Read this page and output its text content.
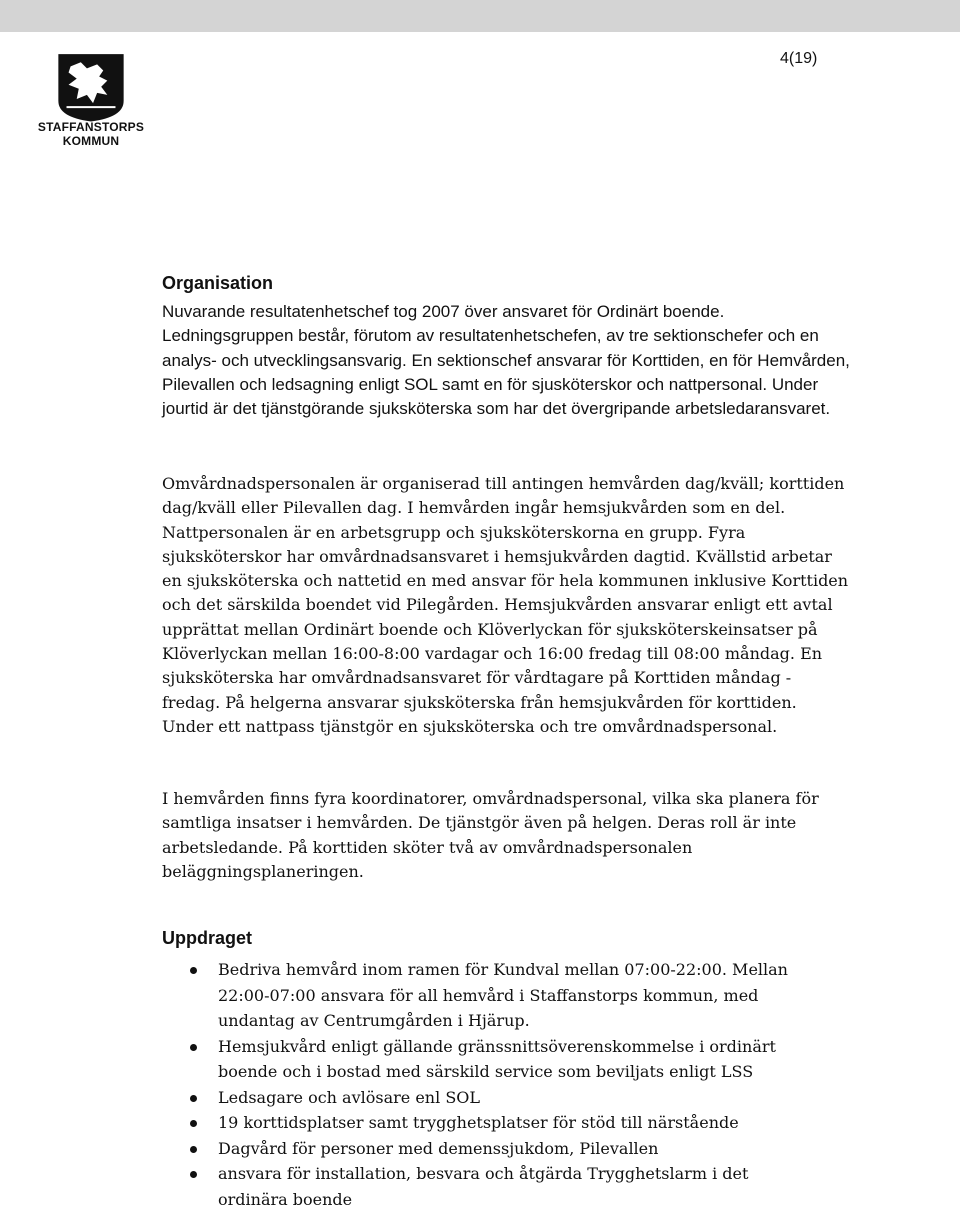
STAFFANSTORPS
KOMMUN
4(19)
Organisation

Nuvarande resultatenhetschef tog 2007 över ansvaret för Ordinärt boende. Ledningsgruppen består, förutom av resultatenhetschefen, av tre sektionschefer och en analys- och utvecklingsansvarig. En sektionschef ansvarar för Korttiden, en för Hemvården, Pilevallen och ledsagning enligt SOL samt en för sjusköterskor och nattpersonal. Under jourtid är det tjänstgörande sjuksköterska som har det övergripande arbetsledaransvaret.

Omvårdnadspersonalen är organiserad till antingen hemvården dag/kväll; korttiden dag/kväll eller Pilevallen dag. I hemvården ingår hemsjukvården som en del. Nattpersonalen är en arbetsgrupp och sjuksköterskorna en grupp. Fyra sjuksköterskor har omvårdnadsansvaret i hemsjukvården dagtid. Kvällstid arbetar en sjuksköterska och nattetid en med ansvar för hela kommunen inklusive Korttiden och det särskilda boendet vid Pilegården. Hemsjukvården ansvarar enligt ett avtal upprättat mellan Ordinärt boende och Klöverlyckan för sjuksköterskeinsatser på Klöverlyckan mellan 16:00-8:00 vardagar och 16:00 fredag till 08:00 måndag. En sjuksköterska har omvårdnadsansvaret för vårdtagare på Korttiden måndag - fredag. På helgerna ansvarar sjuksköterska från hemsjukvården för korttiden. Under ett nattpass tjänstgör en sjuksköterska och tre omvårdnadspersonal.

I hemvården finns fyra koordinatorer, omvårdnadspersonal, vilka ska planera för samtliga insatser i hemvården. De tjänstgör även på helgen. Deras roll är inte arbetsledande. På korttiden sköter två av omvårdnadspersonalen beläggningsplaneringen.

Uppdraget
Bedriva hemvård inom ramen för Kundval mellan 07:00-22:00. Mellan 22:00-07:00 ansvara för all hemvård i Staffanstorps kommun, med undantag av Centrumgården i Hjärup.
Hemsjukvård enligt gällande gränssnittsöverenskommelse i ordinärt boende och i bostad med särskild service som beviljats enligt LSS
Ledsagare och avlösare enl SOL
19 korttidsplatser samt trygghetsplatser för stöd till närstående
Dagvård för personer med demenssjukdom, Pilevallen
ansvara för installation, besvara och åtgärda Trygghetslarm i det ordinära boende
